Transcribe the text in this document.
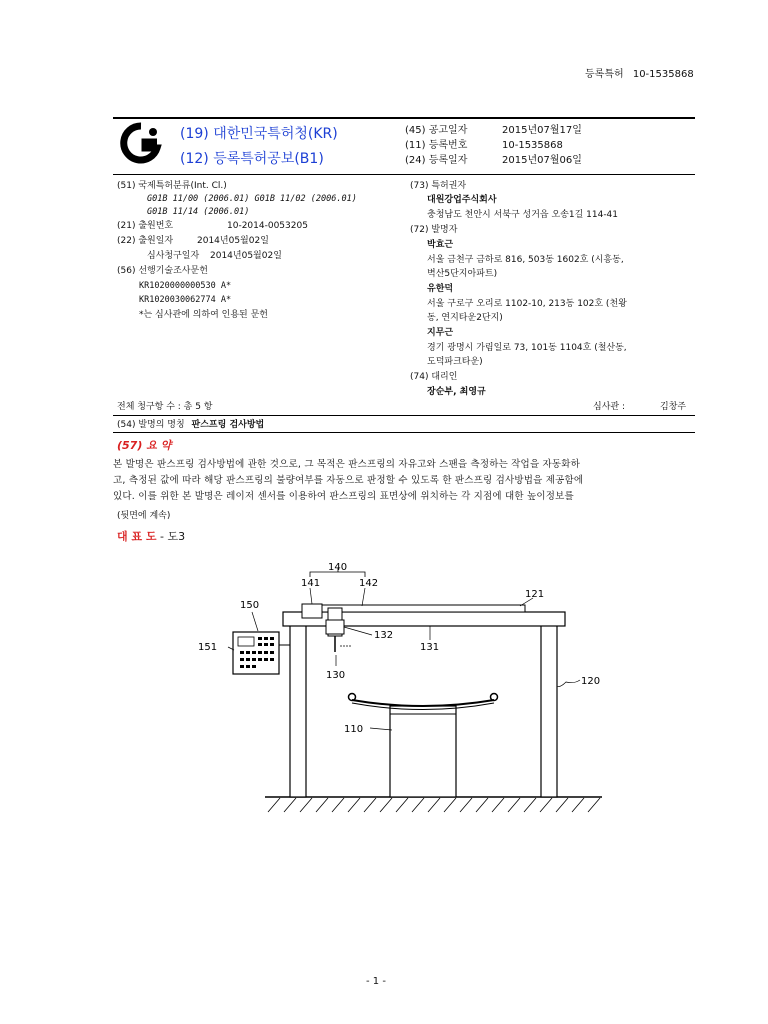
등록특허 10-1535868
(19) 대한민국특허청(KR)
(12) 등록특허공보(B1)
(45) 공고일자	2015년07월17일
(11) 등록번호	10-1535868
(24) 등록일자	2015년07월06일
(51) 국제특허분류(Int. Cl.)
G01B 11/00 (2006.01) G01B 11/02 (2006.01)
G01B 11/14 (2006.01)
(21) 출원번호	10-2014-0053205
(22) 출원일자	2014년05월02일
심사청구일자 2014년05월02일
(56) 선행기술조사문헌
KR1020000000530 A*
KR1020030062774 A*
*는 심사관에 의하여 인용된 문헌
(73) 특허권자
대원강업주식회사
충청남도 천안시 서북구 성거읍 오송1길 114-41
(72) 발명자
박효근
서울 금천구 금하로 816, 503동 1602호 (시흥동,
벽산5단지아파트)
유한덕
서울 구로구 오리로 1102-10, 213동 102호 (천왕
동, 연지타운2단지)
지무근
경기 광명시 가림일로 73, 101동 1104호 (철산동,
도덕파크타운)
(74) 대리인
장순부, 최영규
전체 청구항 수 : 총 5 항	심사관 :	김창주
(54) 발명의 명칭 판스프링 검사방법
(57) 요 약
본 발명은 판스프링 검사방법에 관한 것으로, 그 목적은 판스프링의 자유고와 스팬을 측정하는 작업을 자동화하
고, 측정된 값에 따라 해당 판스프링의 불량여부를 자동으로 판정할 수 있도록 한 판스프링 검사방법을 제공함에
있다. 이를 위한 본 발명은 레이저 센서를 이용하여 판스프링의 표면상에 위치하는 각 지점에 대한 높이정보를
(뒷면에 계속)
대 표 도 - 도3
140
141	142
121
150
132
131
151
130
120
110
- 1 -
